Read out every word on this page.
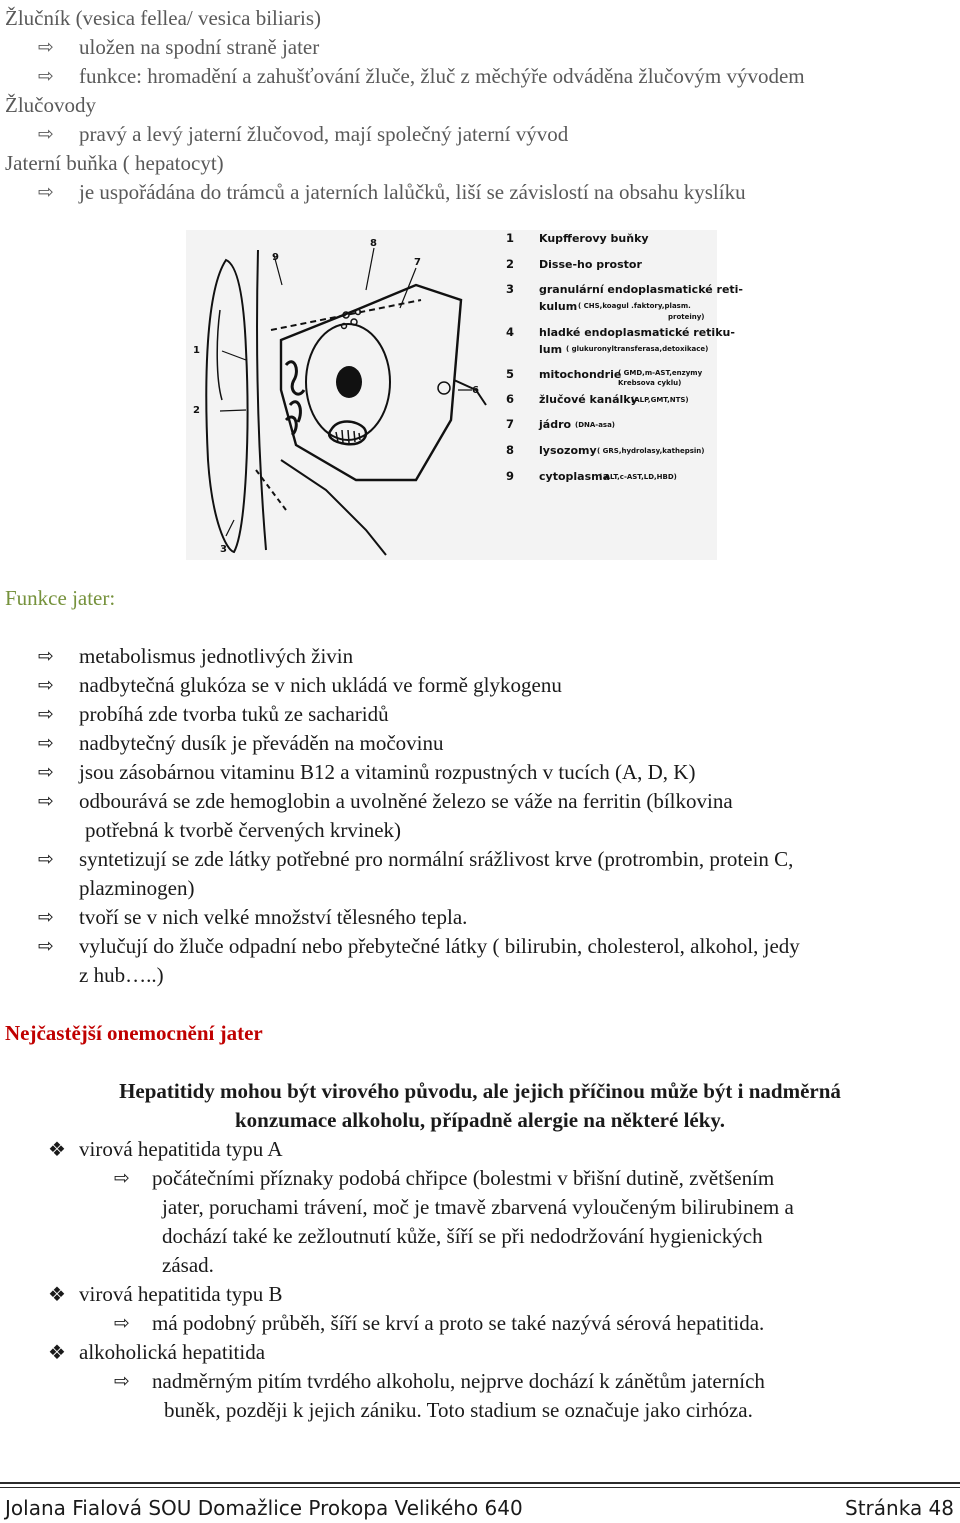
Žlučník (vesica fellea/ vesica biliaris)
⇨ uložen na spodní straně jater
⇨ funkce: hromadění a zahušťování žluče, žluč z měchýře odváděna žlučovým vývodem
Žlučovody
⇨ pravý a levý jaterní žlučovod, mají společný jaterní vývod
Jaterní buňka ( hepatocyt)
⇨ je uspořádána do trámců a jaterních lalůčků, liší se závislostí na obsahu kyslíku
1
2
3
6
7
8
9
1 Kupfferovy buňky
2 Disse-ho prostor
3 granulární endoplasmatické reti-
kulum ( CHS,koagul .faktory,plasm.
proteiny)
4 hladké endoplasmatické retiku-
lum ( glukuronyltransferasa,detoxikace)
5 mitochondrie
( GMD,m-AST,enzymy
Krebsova cyklu)
6 žlučové kanálky
(ALP,GMT,NTS)
7 jádro (DNA-asa)
8 lysozomy ( GRS,hydrolasy,kathepsin)
9 cytoplasma
( ALT,c-AST,LD,HBD)
Funkce jater:
⇨ metabolismus jednotlivých živin
⇨ nadbytečná glukóza se v nich ukládá ve formě glykogenu
⇨ probíhá zde tvorba tuků ze sacharidů
⇨ nadbytečný dusík je převáděn na močovinu
⇨ jsou zásobárnou vitaminu B12 a vitaminů rozpustných v tucích (A, D, K)
⇨ odbourává se zde hemoglobin a uvolněné železo se váže na ferritin (bílkovina
potřebná k tvorbě červených krvinek)
⇨ syntetizují se zde látky potřebné pro normální srážlivost krve (protrombin, protein C,
plazminogen)
⇨ tvoří se v nich velké množství tělesného tepla.
⇨ vylučují do žluče odpadní nebo přebytečné látky ( bilirubin, cholesterol, alkohol, jedy
z hub…..)
Nejčastější onemocnění jater
Hepatitidy mohou být virového původu, ale jejich příčinou může být i nadměrná
konzumace alkoholu, případně alergie na některé léky.
❖ virová hepatitida typu A
⇨ počátečními příznaky podobá chřipce (bolestmi v břišní dutině, zvětšením
jater, poruchami trávení, moč je tmavě zbarvená vyloučeným bilirubinem a
dochází také ke zežloutnutí kůže, šíří se při nedodržování hygienických
zásad.
❖ virová hepatitida typu B
⇨ má podobný průběh, šíří se krví a proto se také nazývá sérová hepatitida.
❖ alkoholická hepatitida
⇨ nadměrným pitím tvrdého alkoholu, nejprve dochází k zánětům jaterních
buněk, později k jejich zániku. Toto stadium se označuje jako cirhóza.
Jolana Fialová SOU Domažlice Prokopa Velikého 640	Stránka 48
